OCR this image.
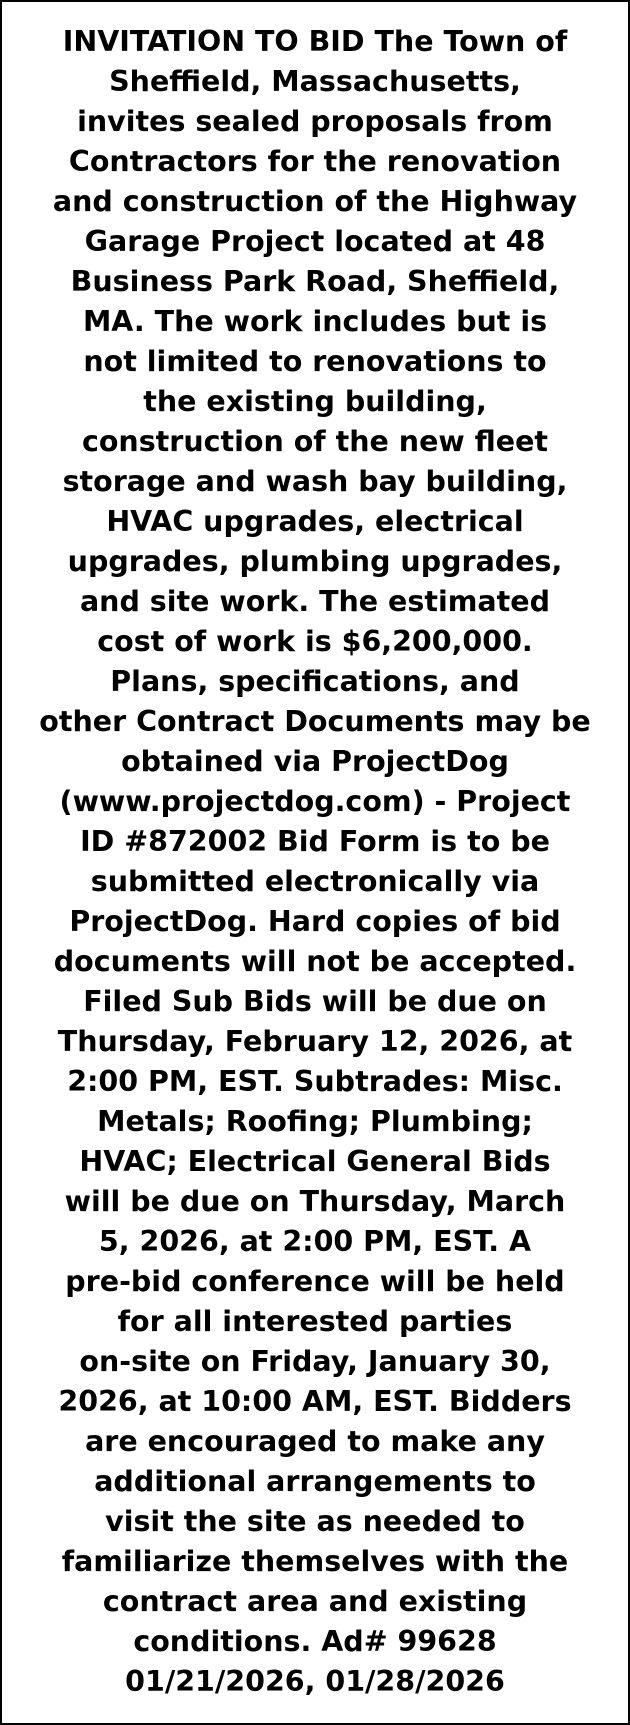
INVITATION TO BID The Town of
Sheffield, Massachusetts,
invites sealed proposals from
Contractors for the renovation
and construction of the Highway
Garage Project located at 48
Business Park Road, Sheffield,
MA. The work includes but is
not limited to renovations to
the existing building,
construction of the new fleet
storage and wash bay building,
HVAC upgrades, electrical
upgrades, plumbing upgrades,
and site work. The estimated
cost of work is $6,200,000.
Plans, specifications, and
other Contract Documents may be
obtained via ProjectDog
(www.projectdog.com) - Project
ID #872002 Bid Form is to be
submitted electronically via
ProjectDog. Hard copies of bid
documents will not be accepted.
Filed Sub Bids will be due on
Thursday, February 12, 2026, at
2:00 PM, EST. Subtrades: Misc.
Metals; Roofing; Plumbing;
HVAC; Electrical General Bids
will be due on Thursday, March
5, 2026, at 2:00 PM, EST. A
pre-bid conference will be held
for all interested parties
on-site on Friday, January 30,
2026, at 10:00 AM, EST. Bidders
are encouraged to make any
additional arrangements to
visit the site as needed to
familiarize themselves with the
contract area and existing
conditions. Ad# 99628
01/21/2026, 01/28/2026
